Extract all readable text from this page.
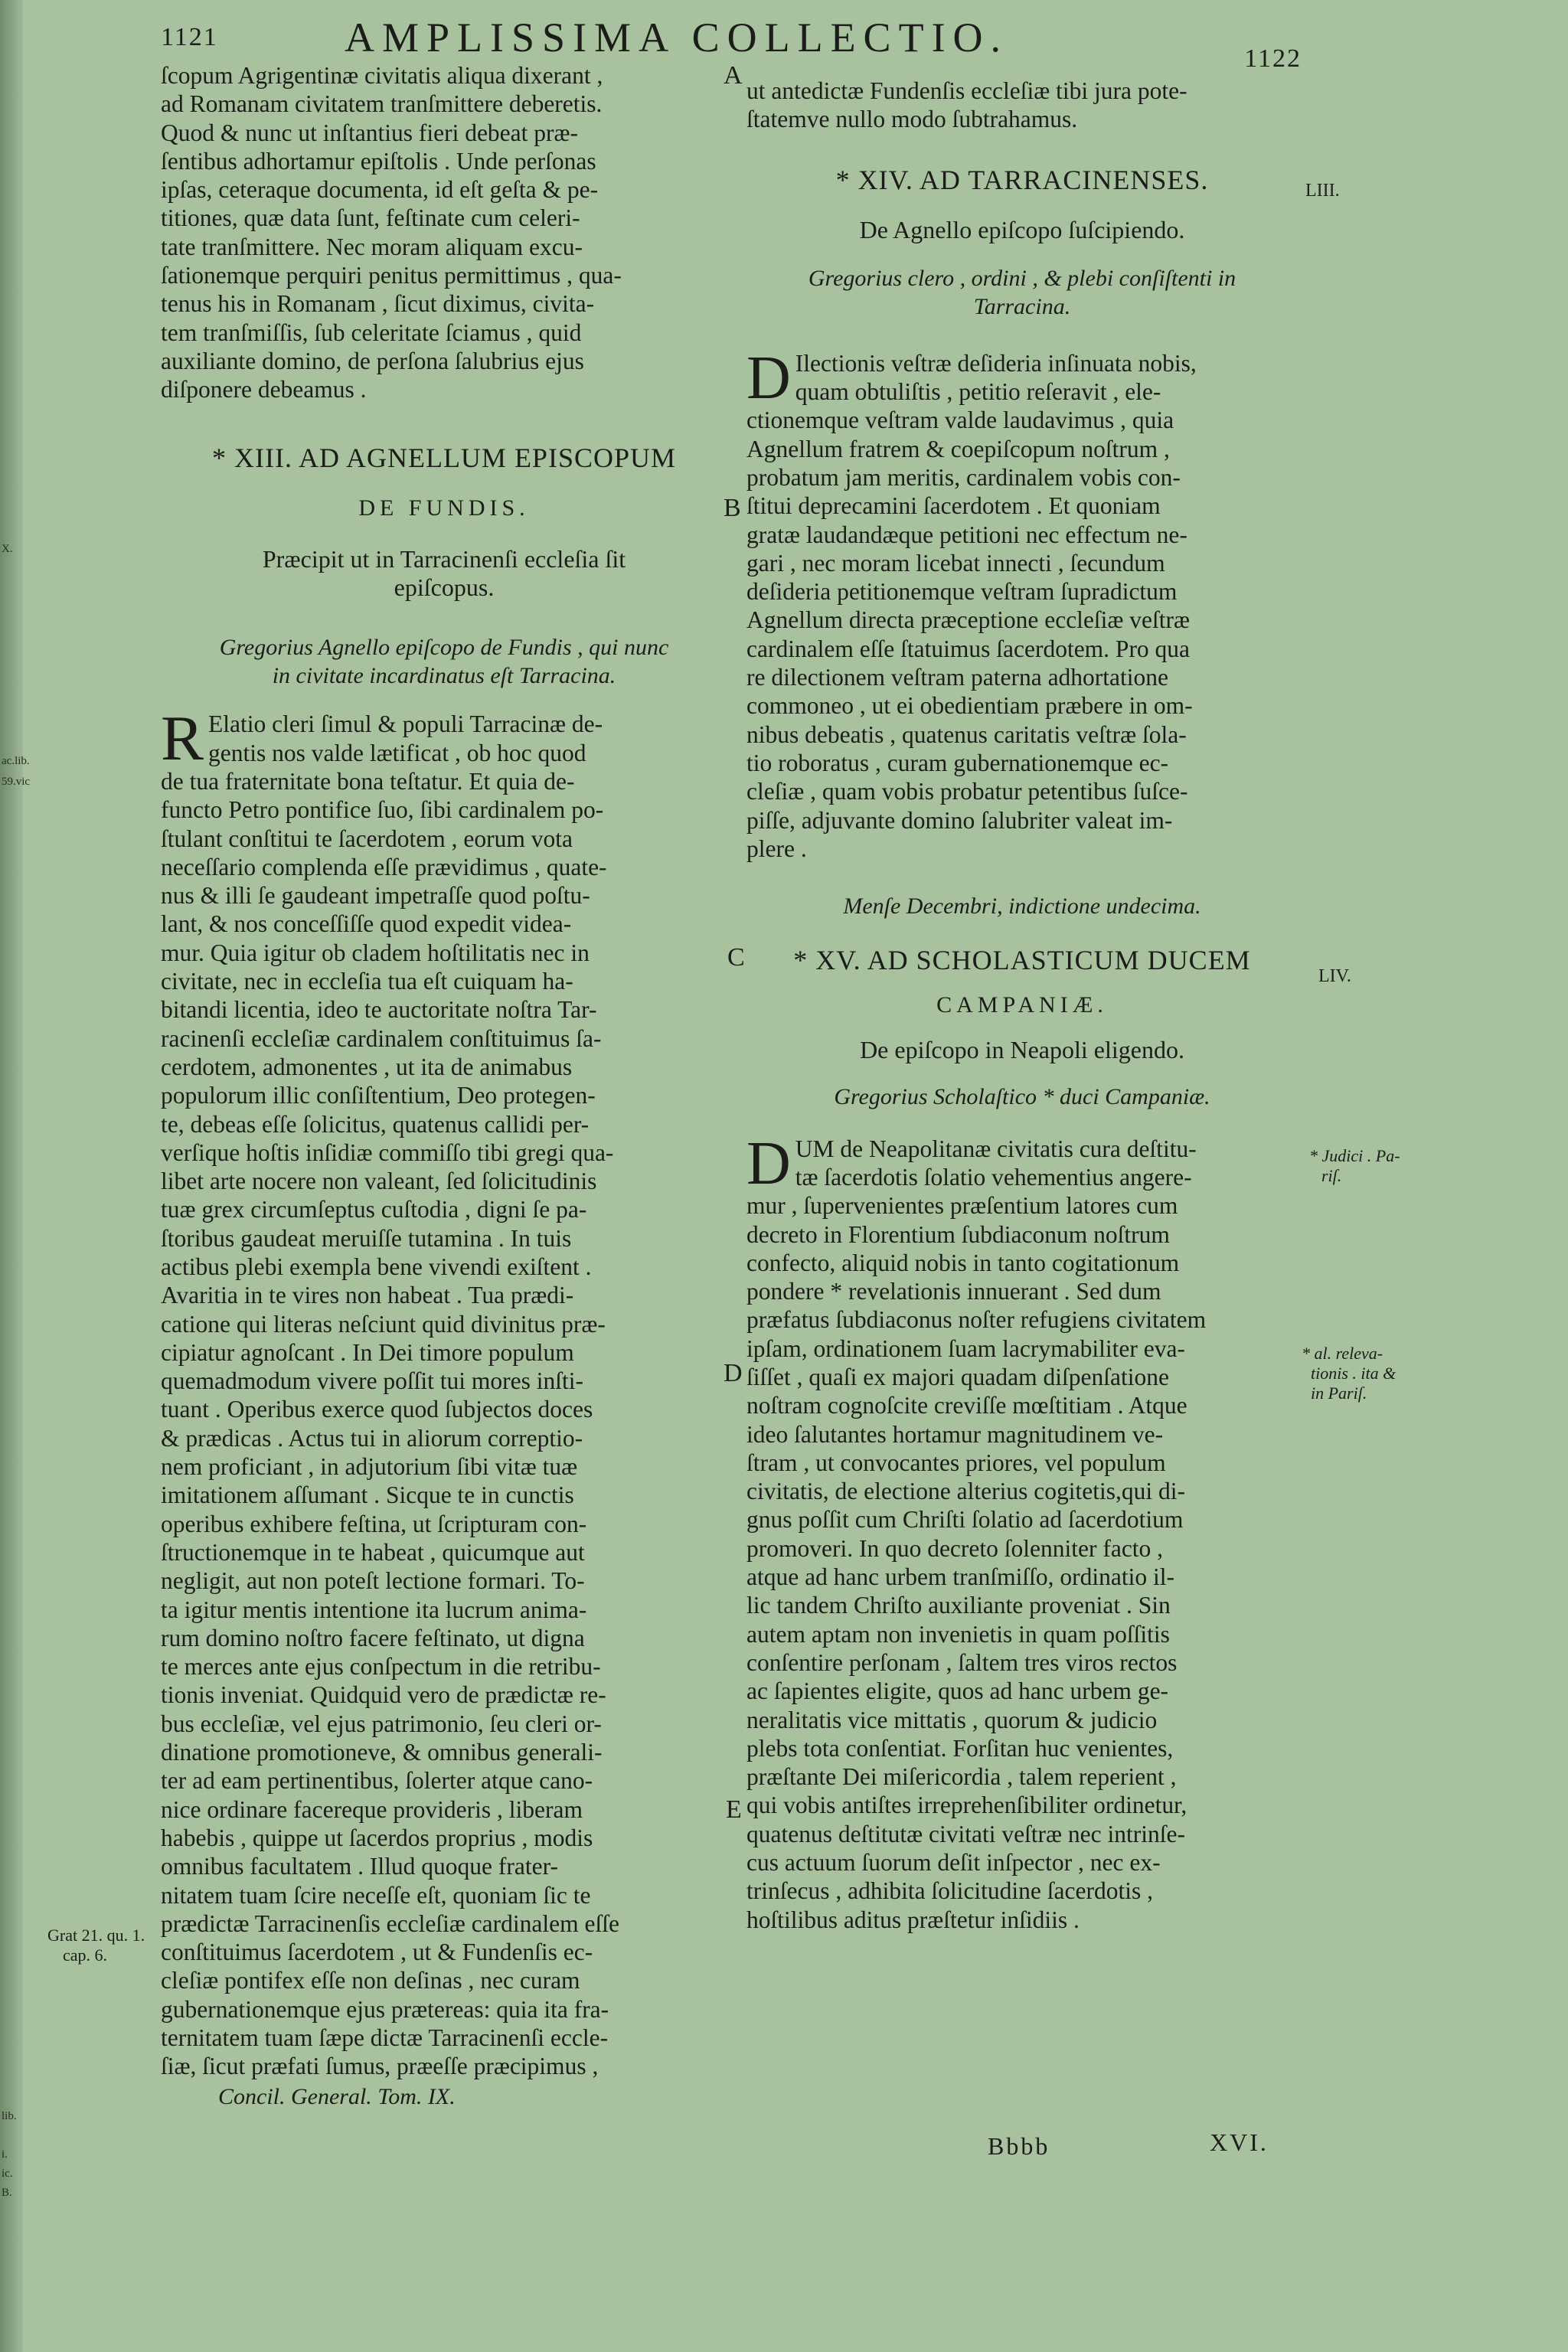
X.
ac.lib.
59.vic
lib.
i.
ic.
B.
1121	AMPLISSIMA COLLECTIO.	1122

ſcopum Agrigentinæ civitatis aliqua dixerant ,

ad Romanam civitatem tranſmittere deberetis.

Quod & nunc ut inſtantius fieri debeat præ-

ſentibus adhortamur epiſtolis . Unde perſonas

ipſas, ceteraque documenta, id eſt geſta & pe-

titiones, quæ data ſunt, feſtinate cum celeri-

tate tranſmittere. Nec moram aliquam excu-

ſationemque perquiri penitus permittimus , qua-

tenus his in Romanam , ſicut diximus, civita-

tem tranſmiſſis, ſub celeritate ſciamus , quid

auxiliante domino, de perſona ſalubrius ejus

diſponere debeamus .

* XIII. AD AGNELLUM EPISCOPUM

DE FUNDIS.

Præcipit ut in Tarracinenſi eccleſia ſit

epiſcopus.

Gregorius Agnello epiſcopo de Fundis , qui nunc

in civitate incardinatus eſt Tarracina.

R Elatio cleri ſimul & populi Tarracinæ de-

gentis nos valde lætificat , ob hoc quod

de tua fraternitate bona teſtatur. Et quia de-

functo Petro pontifice ſuo, ſibi cardinalem po-

ſtulant conſtitui te ſacerdotem , eorum vota

neceſſario complenda eſſe prævidimus , quate-

nus & illi ſe gaudeant impetraſſe quod poſtu-

lant, & nos conceſſiſſe quod expedit videa-

mur. Quia igitur ob cladem hoſtilitatis nec in

civitate, nec in eccleſia tua eſt cuiquam ha-

bitandi licentia, ideo te auctoritate noſtra Tar-

racinenſi eccleſiæ cardinalem conſtituimus ſa-

cerdotem, admonentes , ut ita de animabus

populorum illic conſiſtentium, Deo protegen-

te, debeas eſſe ſolicitus, quatenus callidi per-

verſique hoſtis inſidiæ commiſſo tibi gregi qua-

libet arte nocere non valeant, ſed ſolicitudinis

tuæ grex circumſeptus cuſtodia , digni ſe pa-

ſtoribus gaudeat meruiſſe tutamina . In tuis

actibus plebi exempla bene vivendi exiſtent .

Avaritia in te vires non habeat . Tua prædi-

catione qui literas neſciunt quid divinitus præ-

cipiatur agnoſcant . In Dei timore populum

quemadmodum vivere poſſit tui mores inſti-

tuant . Operibus exerce quod ſubjectos doces

& prædicas . Actus tui in aliorum correptio-

nem proficiant , in adjutorium ſibi vitæ tuæ

imitationem aſſumant . Sicque te in cunctis

operibus exhibere feſtina, ut ſcripturam con-

ſtructionemque in te habeat , quicumque aut

negligit, aut non poteſt lectione formari. To-

ta igitur mentis intentione ita lucrum anima-

rum domino noſtro facere feſtinato, ut digna

te merces ante ejus conſpectum in die retribu-

tionis inveniat. Quidquid vero de prædictæ re-

bus eccleſiæ, vel ejus patrimonio, ſeu cleri or-

dinatione promotioneve, & omnibus generali-

ter ad eam pertinentibus, ſolerter atque cano-

nice ordinare facereque provideris , liberam

habebis , quippe ut ſacerdos proprius , modis

omnibus facultatem . Illud quoque frater-

nitatem tuam ſcire neceſſe eſt, quoniam ſic te

prædictæ Tarracinenſis eccleſiæ cardinalem eſſe

conſtituimus ſacerdotem , ut & Fundenſis ec-

cleſiæ pontifex eſſe non deſinas , nec curam

gubernationemque ejus prætereas: quia ita fra-

ternitatem tuam ſæpe dictæ Tarracinenſi eccle-

ſiæ, ſicut præfati ſumus, præeſſe præcipimus ,

Concil. General. Tom. IX.

A
B
C
D
E

ut antedictæ Fundenſis eccleſiæ tibi jura pote-

ſtatemve nullo modo ſubtrahamus.

* XIV. AD TARRACINENSES.

De Agnello epiſcopo ſuſcipiendo.

Gregorius clero , ordini , & plebi conſiſtenti in

Tarracina.

D Ilectionis veſtræ deſideria inſinuata nobis,

quam obtuliſtis , petitio reſeravit , ele-

ctionemque veſtram valde laudavimus , quia

Agnellum fratrem & coepiſcopum noſtrum ,

probatum jam meritis, cardinalem vobis con-

ſtitui deprecamini ſacerdotem . Et quoniam

gratæ laudandæque petitioni nec effectum ne-

gari , nec moram licebat innecti , ſecundum

deſideria petitionemque veſtram ſupradictum

Agnellum directa præceptione eccleſiæ veſtræ

cardinalem eſſe ſtatuimus ſacerdotem. Pro qua

re dilectionem veſtram paterna adhortatione

commoneo , ut ei obedientiam præbere in om-

nibus debeatis , quatenus caritatis veſtræ ſola-

tio roboratus , curam gubernationemque ec-

cleſiæ , quam vobis probatur petentibus ſuſce-

piſſe, adjuvante domino ſalubriter valeat im-

plere .

Menſe Decembri, indictione undecima.

* XV. AD SCHOLASTICUM DUCEM

CAMPANIÆ.

De epiſcopo in Neapoli eligendo.

Gregorius Scholaſtico * duci Campaniæ.

D UM de Neapolitanæ civitatis cura deſtitu-

tæ ſacerdotis ſolatio vehementius angere-

mur , ſupervenientes præſentium latores cum

decreto in Florentium ſubdiaconum noſtrum

confecto, aliquid nobis in tanto cogitationum

pondere * revelationis innuerant . Sed dum

præfatus ſubdiaconus noſter refugiens civitatem

ipſam, ordinationem ſuam lacrymabiliter eva-

ſiſſet , quaſi ex majori quadam diſpenſatione

noſtram cognoſcite creviſſe mœſtitiam . Atque

ideo ſalutantes hortamur magnitudinem ve-

ſtram , ut convocantes priores, vel populum

civitatis, de electione alterius cogitetis,qui di-

gnus poſſit cum Chriſti ſolatio ad ſacerdotium

promoveri. In quo decreto ſolenniter facto ,

atque ad hanc urbem tranſmiſſo, ordinatio il-

lic tandem Chriſto auxiliante proveniat . Sin

autem aptam non invenietis in quam poſſitis

conſentire perſonam , ſaltem tres viros rectos

ac ſapientes eligite, quos ad hanc urbem ge-

neralitatis vice mittatis , quorum & judicio

plebs tota conſentiat. Forſitan huc venientes,

præſtante Dei miſericordia , talem reperient ,

qui vobis antiſtes irreprehenſibiliter ordinetur,

quatenus deſtitutæ civitati veſtræ nec intrinſe-

cus actuum ſuorum deſit inſpector , nec ex-

trinſecus , adhibita ſolicitudine ſacerdotis ,

hoſtilibus aditus præſtetur inſidiis .

Bbbb	XVI.
LIII.
LIV.
* Judici . Pa-
riſ.
* al. releva-
tionis . ita &
in Pariſ.
Grat 21. qu. 1.
cap. 6.
